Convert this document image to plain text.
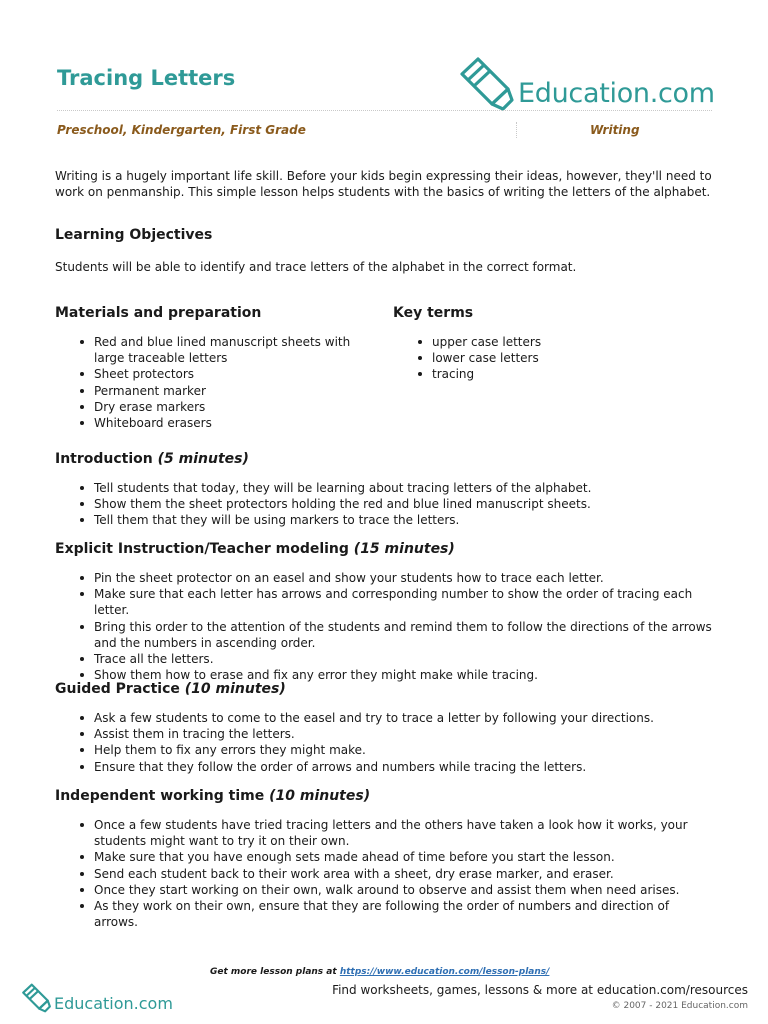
Tracing Letters	Education.com
Preschool, Kindergarten, First Grade	Writing

Writing is a hugely important life skill. Before your kids begin expressing their ideas, however, they'll need to work on penmanship. This simple lesson helps students with the basics of writing the letters of the alphabet.

Learning Objectives

Students will be able to identify and trace letters of the alphabet in the correct format.

Materials and preparation
Red and blue lined manuscript sheets with large traceable letters
Sheet protectors
Permanent marker
Dry erase markers
Whiteboard erasers
Key terms
upper case letters
lower case letters
tracing
Introduction (5 minutes)
Tell students that today, they will be learning about tracing letters of the alphabet.
Show them the sheet protectors holding the red and blue lined manuscript sheets.
Tell them that they will be using markers to trace the letters.
Explicit Instruction/Teacher modeling (15 minutes)
Pin the sheet protector on an easel and show your students how to trace each letter.
Make sure that each letter has arrows and corresponding number to show the order of tracing each letter.
Bring this order to the attention of the students and remind them to follow the directions of the arrows and the numbers in ascending order.
Trace all the letters.
Show them how to erase and fix any error they might make while tracing.
Guided Practice (10 minutes)
Ask a few students to come to the easel and try to trace a letter by following your directions.
Assist them in tracing the letters.
Help them to fix any errors they might make.
Ensure that they follow the order of arrows and numbers while tracing the letters.
Independent working time (10 minutes)
Once a few students have tried tracing letters and the others have taken a look how it works, your students might want to try it on their own.
Make sure that you have enough sets made ahead of time before you start the lesson.
Send each student back to their work area with a sheet, dry erase marker, and eraser.
Once they start working on their own, walk around to observe and assist them when need arises.
As they work on their own, ensure that they are following the order of numbers and direction of arrows.
Get more lesson plans at https://www.education.com/lesson-plans/
Education.com
Find worksheets, games, lessons & more at education.com/resources
© 2007 - 2021 Education.com
